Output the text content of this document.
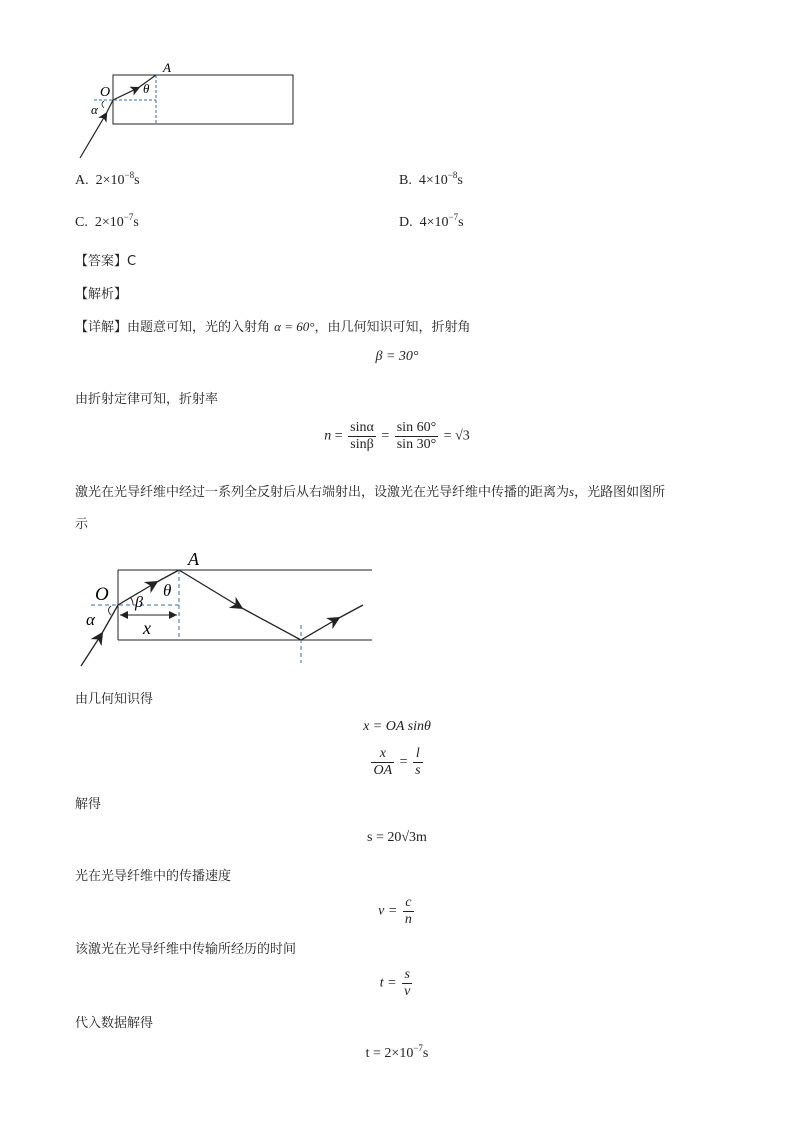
A
O
α
θ
A. $2\times 10^{-8}s$	B. $4\times 10^{-8}s$
C. $2\times 10^{-7}s$	D. $4\times 10^{-7}s$
【答案】C
【解析】
【详解】由题意可知，光的入射角 α = 60°，由几何知识可知，折射角
β = 30°
由折射定律可知，折射率
$n = \frac{\sin\alpha}{\sin\beta} = \frac{\sin 60^\circ}{\sin 30^\circ} = √3$
激光在光导纤维中经过一系列全反射后从右端射出，设激光在光导纤维中传播的距离为s，光路图如图所
示
A
O
α
β
θ
x
由几何知识得
x = OA sinθ
$\frac{x}{OA} = \frac{l}{s}$
解得
s = 20√3m
光在光导纤维中的传播速度
$v = \frac{c}{n}$
该激光在光导纤维中传输所经历的时间
$t = \frac{s}{v}$
代入数据解得
$t = 2\times 10^{-7}s$
